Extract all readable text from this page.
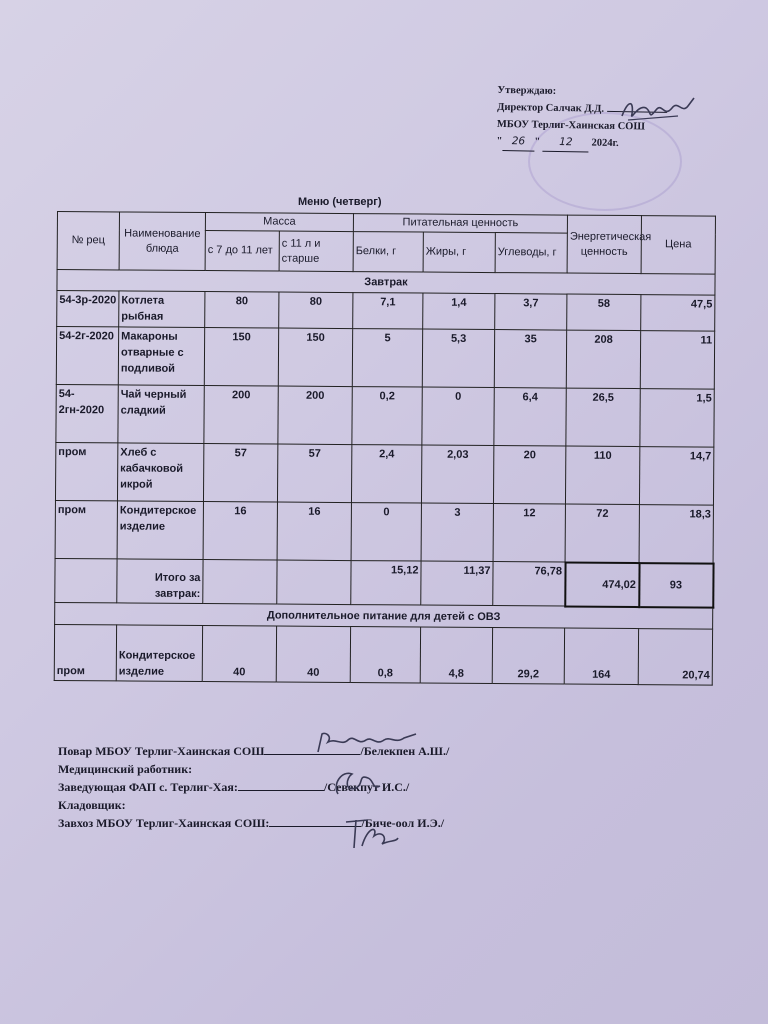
Утверждаю:
Директор Салчак Д.Д.
МБОУ Терлиг-Хаинская СОШ
" 26 " 12 2024г.
Меню (четверг)
№ рец	Наименование блюда	Масса		Питательная ценность			Энергетическая ценность	Цена
		с 7 до 11 лет	с 11 л и старше	Белки, г	Жиры, г	Углеводы, г		
Завтрак								
54-3р-2020	Котлета рыбная	80	80	7,1	1,4	3,7	58	47,5
54-2г-2020	Макароны отварные с подливой	150	150	5	5,3	35	208	11
54-2гн-2020	Чай черный сладкий	200	200	0,2	0	6,4	26,5	1,5
пром	Хлеб с кабачковой икрой	57	57	2,4	2,03	20	110	14,7
пром	Кондитерское изделие	16	16	0	3	12	72	18,3
	Итого за завтрак:			15,12	11,37	76,78	474,02	93
Дополнительное питание для детей с ОВЗ								
пром	Кондитерское изделие	40	40	0,8	4,8	29,2	164	20,74
Повар МБОУ Терлиг-Хаинская СОШ	/Белекпен А.Ш./
Медицинский работник:
Заведующая ФАП с. Терлиг-Хая:	/Севекпут И.С./
Кладовщик:
Завхоз МБОУ Терлиг-Хаинская СОШ:	/Биче-оол И.Э./
